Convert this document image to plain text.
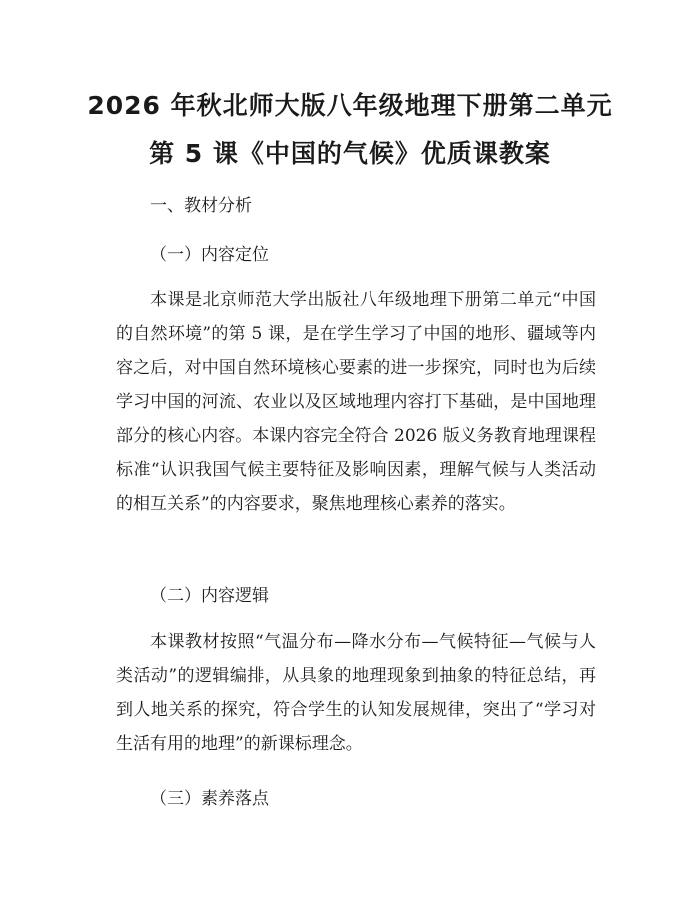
2026 年秋北师大版八年级地理下册第二单元
第 5 课《中国的气候》优质课教案
一、教材分析
（一）内容定位
本课是北京师范大学出版社八年级地理下册第二单元“中国的自然环境”的第 5 课，是在学生学习了中国的地形、疆域等内容之后，对中国自然环境核心要素的进一步探究，同时也为后续学习中国的河流、农业以及区域地理内容打下基础，是中国地理部分的核心内容。本课内容完全符合 2026 版义务教育地理课程标准“认识我国气候主要特征及影响因素，理解气候与人类活动的相互关系”的内容要求，聚焦地理核心素养的落实。
（二）内容逻辑
本课教材按照“气温分布—降水分布—气候特征—气候与人类活动”的逻辑编排，从具象的地理现象到抽象的特征总结，再到人地关系的探究，符合学生的认知发展规律，突出了“学习对生活有用的地理”的新课标理念。
（三）素养落点
